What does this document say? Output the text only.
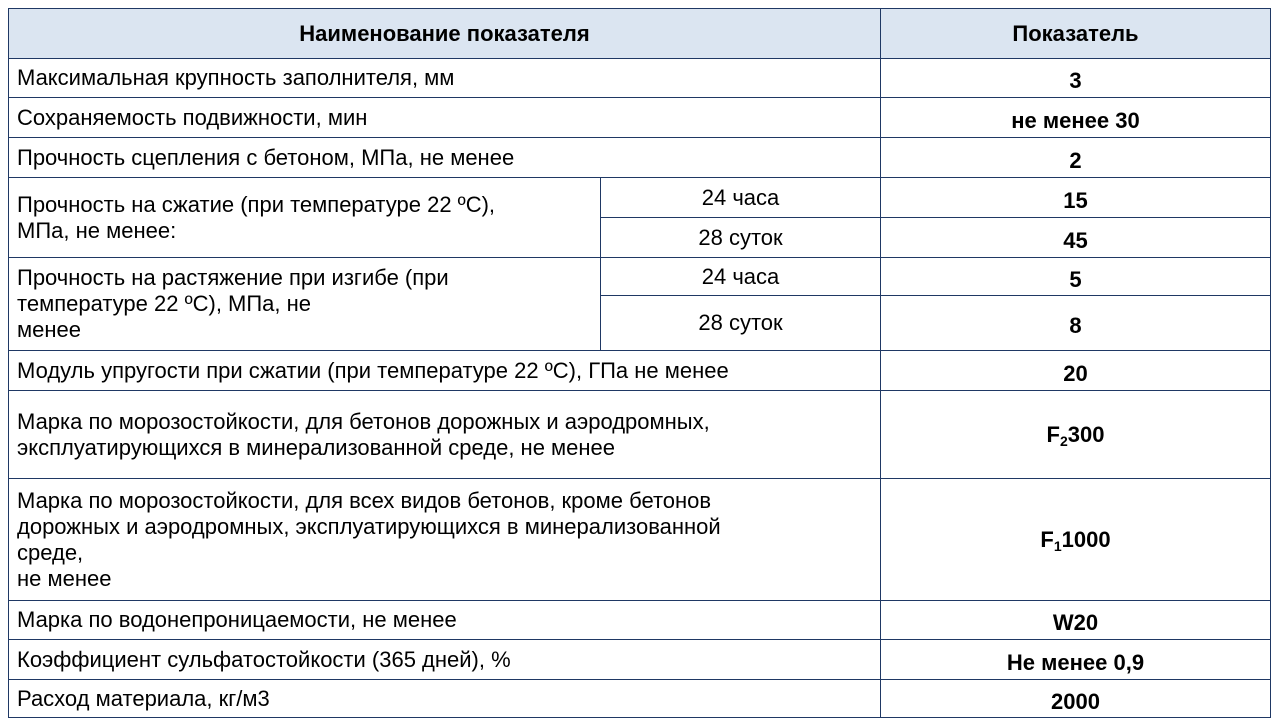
Наименование показателя		Показатель
Максимальная крупность заполнителя, мм		3
Сохраняемость подвижности, мин		не менее 30
Прочность сцепления с бетоном, МПа, не менее		2
Прочность на сжатие (при температуре 22 ºС),
МПа, не менее:	24 часа	15
	28 суток	45
Прочность на растяжение при изгибе (при
температуре 22 ºС), МПа, не
менее	24 часа	5
	28 суток	8
Модуль упругости при сжатии (при температуре 22 ºС), ГПа не менее		20
Марка по морозостойкости, для бетонов дорожных и аэродромных,
эксплуатирующихся в минерализованной среде, не менее		$F_2300$
Марка по морозостойкости, для всех видов бетонов, кроме бетонов
дорожных и аэродромных, эксплуатирующихся в минерализованной
среде,
не менее		$F_11000$
Марка по водонепроницаемости, не менее		W20
Коэффициент сульфатостойкости (365 дней), %		Не менее 0,9
Расход материала, кг/м3		2000
